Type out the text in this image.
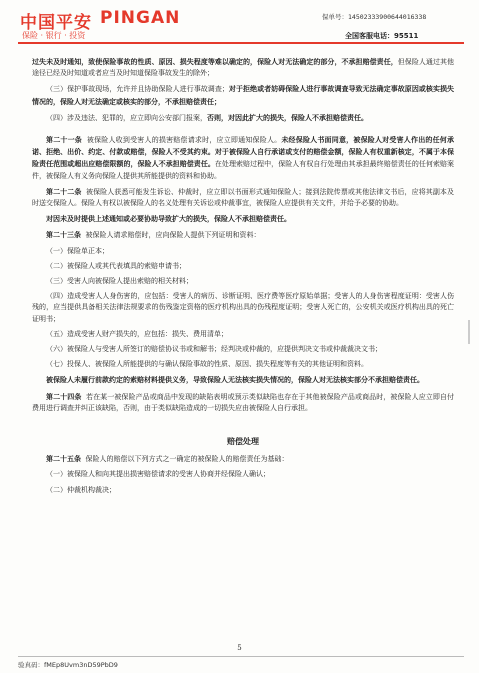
中国平安 PINGAN
保险 · 银行 · 投资
保单号：14502333900644016338
全国客服电话：95511

过失未及时通知，致使保险事故的性质、原因、损失程度等难以确定的，保险人对无法确定的部分，不承担赔偿责任，但保险人通过其他途径已经及时知道或者应当及时知道保险事故发生的除外；

（三）保护事故现场，允许并且协助保险人进行事故调查；对于拒绝或者妨碍保险人进行事故调查导致无法确定事故原因或核实损失情况的，保险人对无法确定或核实的部分，不承担赔偿责任；

（四）涉及违法、犯罪的，应立即向公安部门报案，否则，对因此扩大的损失，保险人不承担赔偿责任。

第二十一条 被保险人收到受害人的损害赔偿请求时，应立即通知保险人。未经保险人书面同意，被保险人对受害人作出的任何承诺、拒绝、出价、约定、付款或赔偿，保险人不受其约束。对于被保险人自行承诺或支付的赔偿金额，保险人有权重新核定，不属于本保险责任范围或超出应赔偿限额的，保险人不承担赔偿责任。在处理索赔过程中，保险人有权自行处理由其承担最终赔偿责任的任何索赔案件，被保险人有义务向保险人提供其所能提供的资料和协助。

第二十二条 被保险人获悉可能发生诉讼、仲裁时，应立即以书面形式通知保险人；接到法院传票或其他法律文书后，应将其副本及时送交保险人。保险人有权以被保险人的名义处理有关诉讼或仲裁事宜，被保险人应提供有关文件，并给予必要的协助。

对因未及时提供上述通知或必要协助导致扩大的损失，保险人不承担赔偿责任。

第二十三条 被保险人请求赔偿时，应向保险人提供下列证明和资料：

（一）保险单正本；

（二）被保险人或其代表填具的索赔申请书；

（三）受害人向被保险人提出索赔的相关材料；

（四）造成受害人人身伤害的，应包括：受害人的病历、诊断证明、医疗费等医疗原始单据；受害人的人身伤害程度证明：受害人伤残的，应当提供具备相关法律法规要求的伤残鉴定资格的医疗机构出具的伤残程度证明；受害人死亡的，公安机关或医疗机构出具的死亡证明书；

（五）造成受害人财产损失的，应包括：损失、费用清单；

（六）被保险人与受害人所签订的赔偿协议书或和解书；经判决或仲裁的，应提供判决文书或仲裁裁决文书；

（七）投保人、被保险人所能提供的与确认保险事故的性质、原因、损失程度等有关的其他证明和资料。

被保险人未履行前款约定的索赔材料提供义务，导致保险人无法核实损失情况的，保险人对无法核实部分不承担赔偿责任。

第二十四条 若在某一被保险产品或商品中发现的缺陷表明或预示类似缺陷也存在于其他被保险产品或商品时，被保险人应立即自付费用进行调查并纠正该缺陷，否则，由于类似缺陷造成的一切损失应由被保险人自行承担。

赔偿处理

第二十五条 保险人的赔偿以下列方式之一确定的被保险人的赔偿责任为基础：

（一）被保险人和向其提出损害赔偿请求的受害人协商并经保险人确认；

（二）仲裁机构裁决；

5
验真码：fMEp8Uvm3nD59PbD9
